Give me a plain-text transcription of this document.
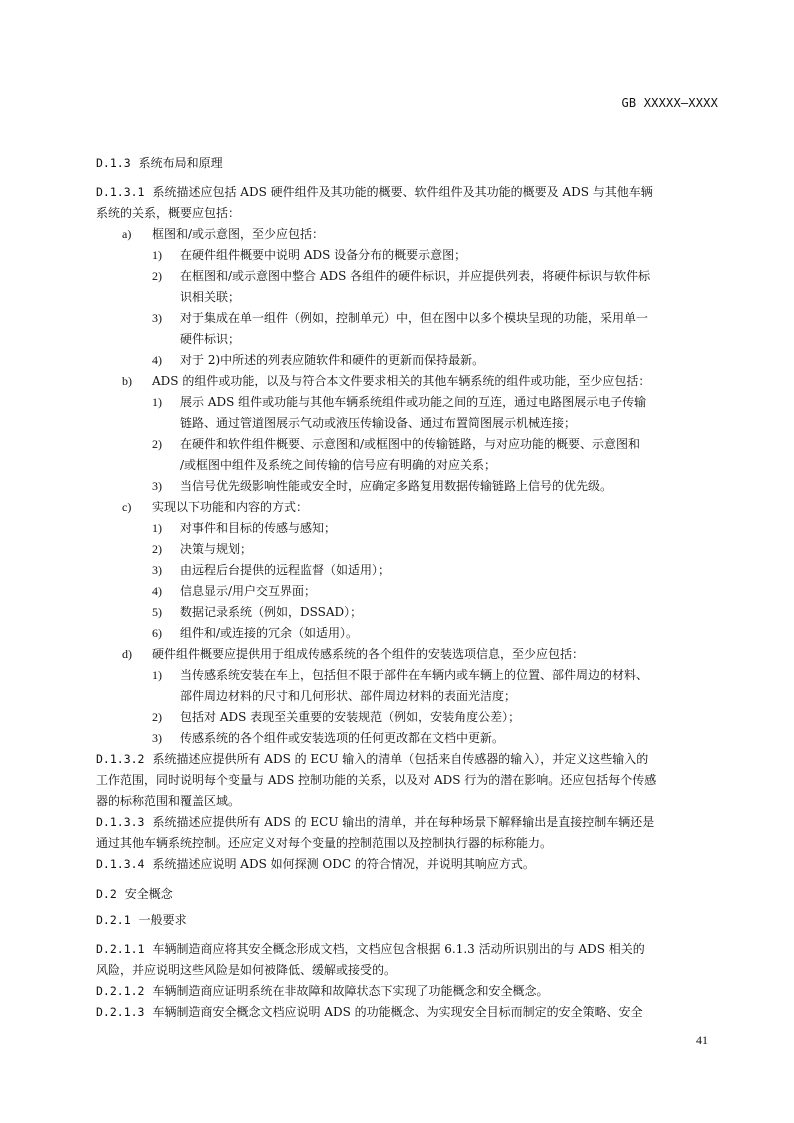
GB XXXXX—XXXX
D.1.3 系统布局和原理
D.1.3.1 系统描述应包括 ADS 硬件组件及其功能的概要、软件组件及其功能的概要及 ADS 与其他车辆
系统的关系，概要应包括：
a) 框图和/或示意图，至少应包括：
1) 在硬件组件概要中说明 ADS 设备分布的概要示意图；
2) 在框图和/或示意图中整合 ADS 各组件的硬件标识，并应提供列表，将硬件标识与软件标
识相关联；
3) 对于集成在单一组件（例如，控制单元）中，但在图中以多个模块呈现的功能，采用单一
硬件标识；
4) 对于 2)中所述的列表应随软件和硬件的更新而保持最新。
b) ADS 的组件或功能，以及与符合本文件要求相关的其他车辆系统的组件或功能，至少应包括：
1) 展示 ADS 组件或功能与其他车辆系统组件或功能之间的互连，通过电路图展示电子传输
链路、通过管道图展示气动或液压传输设备、通过布置简图展示机械连接；
2) 在硬件和软件组件概要、示意图和/或框图中的传输链路，与对应功能的概要、示意图和
/或框图中组件及系统之间传输的信号应有明确的对应关系；
3) 当信号优先级影响性能或安全时，应确定多路复用数据传输链路上信号的优先级。
c) 实现以下功能和内容的方式：
1) 对事件和目标的传感与感知；
2) 决策与规划；
3) 由远程后台提供的远程监督（如适用）；
4) 信息显示/用户交互界面；
5) 数据记录系统（例如，DSSAD）；
6) 组件和/或连接的冗余（如适用）。
d) 硬件组件概要应提供用于组成传感系统的各个组件的安装选项信息，至少应包括：
1) 当传感系统安装在车上，包括但不限于部件在车辆内或车辆上的位置、部件周边的材料、
部件周边材料的尺寸和几何形状、部件周边材料的表面光洁度；
2) 包括对 ADS 表现至关重要的安装规范（例如，安装角度公差）；
3) 传感系统的各个组件或安装选项的任何更改都在文档中更新。
D.1.3.2 系统描述应提供所有 ADS 的 ECU 输入的清单（包括来自传感器的输入），并定义这些输入的
工作范围，同时说明每个变量与 ADS 控制功能的关系，以及对 ADS 行为的潜在影响。还应包括每个传感
器的标称范围和覆盖区域。
D.1.3.3 系统描述应提供所有 ADS 的 ECU 输出的清单，并在每种场景下解释输出是直接控制车辆还是
通过其他车辆系统控制。还应定义对每个变量的控制范围以及控制执行器的标称能力。
D.1.3.4 系统描述应说明 ADS 如何探测 ODC 的符合情况，并说明其响应方式。
D.2 安全概念
D.2.1 一般要求
D.2.1.1 车辆制造商应将其安全概念形成文档，文档应包含根据 6.1.3 活动所识别出的与 ADS 相关的
风险，并应说明这些风险是如何被降低、缓解或接受的。
D.2.1.2 车辆制造商应证明系统在非故障和故障状态下实现了功能概念和安全概念。
D.2.1.3 车辆制造商安全概念文档应说明 ADS 的功能概念、为实现安全目标而制定的安全策略、安全
41
